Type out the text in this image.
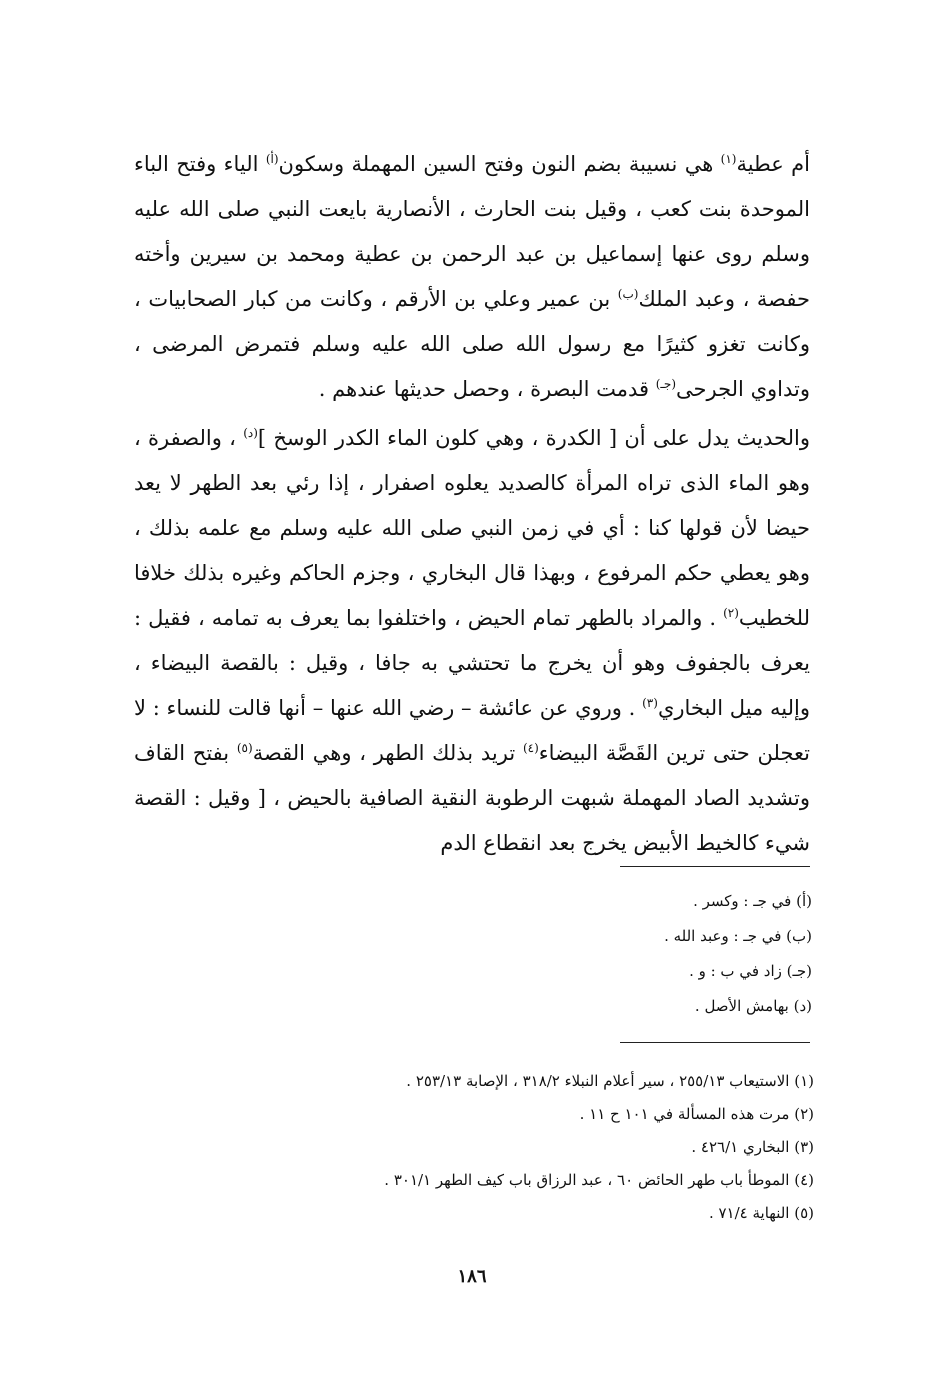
أم عطية$^{(١)}$ هي نسيبة بضم النون وفتح السين المهملة وسكون$^{(أ)}$ الياء وفتح الباء الموحدة بنت كعب ، وقيل بنت الحارث ، الأنصارية بايعت النبي صلى الله عليه وسلم روى عنها إسماعيل بن عبد الرحمن بن عطية ومحمد بن سيرين وأخته حفصة ، وعبد الملك$^{(ب)}$ بن عمير وعلي بن الأرقم ، وكانت من كبار الصحابيات ، وكانت تغزو كثيرًا مع رسول الله صلى الله عليه وسلم فتمرض المرضى ، وتداوي الجرحى$^{(جـ)}$ قدمت البصرة ، وحصل حديثها عندهم .

والحديث يدل على أن [ الكدرة ، وهي كلون الماء الكدر الوسخ ]$^{(د)}$ ، والصفرة ، وهو الماء الذى تراه المرأة كالصديد يعلوه اصفرار ، إذا رئي بعد الطهر لا يعد حيضا لأن قولها كنا : أي في زمن النبي صلى الله عليه وسلم مع علمه بذلك ، وهو يعطي حكم المرفوع ، وبهذا قال البخاري ، وجزم الحاكم وغيره بذلك خلافا للخطيب$^{(٢)}$ . والمراد بالطهر تمام الحيض ، واختلفوا بما يعرف به تمامه ، فقيل : يعرف بالجفوف وهو أن يخرج ما تحتشي به جافا ، وقيل : بالقصة البيضاء ، وإليه ميل البخاري$^{(٣)}$ . وروي عن عائشة – رضي الله عنها – أنها قالت للنساء : لا تعجلن حتى ترين القَصَّة البيضاء$^{(٤)}$ تريد بذلك الطهر ، وهي القصة$^{(٥)}$ بفتح القاف وتشديد الصاد المهملة شبهت الرطوبة النقية الصافية بالحيض ، [ وقيل : القصة شيء كالخيط الأبيض يخرج بعد انقطاع الدم

(أ) في جـ : وكسر .
(ب) في جـ : وعبد الله .
(جـ) زاد في ب : و .
(د) بهامش الأصل .
(١) الاستيعاب ٢٥٥/١٣ ، سير أعلام النبلاء ٣١٨/٢ ، الإصابة ٢٥٣/١٣ .
(٢) مرت هذه المسألة في ١٠١ ح ١١ .
(٣) البخاري ٤٢٦/١ .
(٤) الموطأ باب طهر الحائض ٦٠ ، عبد الرزاق باب كيف الطهر ٣٠١/١ .
(٥) النهاية ٧١/٤ .
١٨٦
